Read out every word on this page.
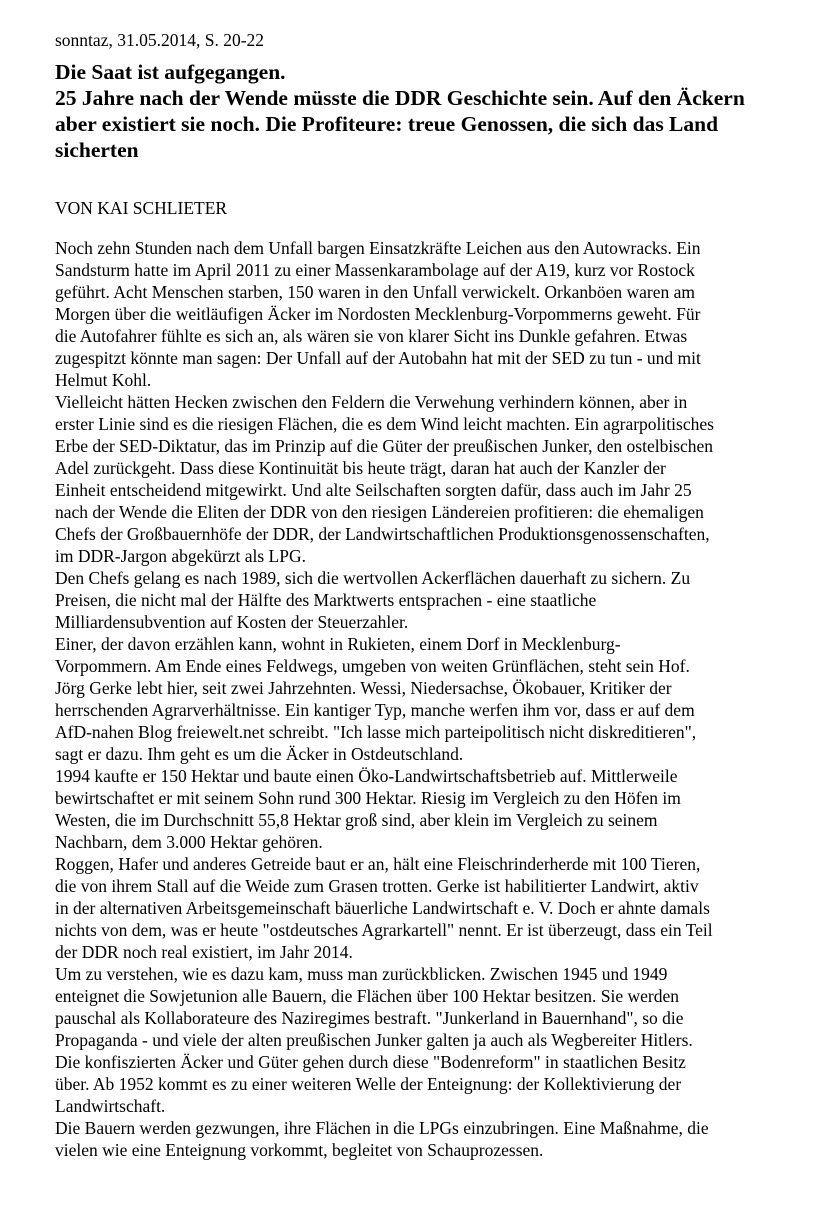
sonntaz, 31.05.2014, S. 20-22
Die Saat ist aufgegangen.
25 Jahre nach der Wende müsste die DDR Geschichte sein. Auf den Äckern
aber existiert sie noch. Die Profiteure: treue Genossen, die sich das Land
sicherten
VON KAI SCHLIETER
Noch zehn Stunden nach dem Unfall bargen Einsatzkräfte Leichen aus den Autowracks. Ein
Sandsturm hatte im April 2011 zu einer Massenkarambolage auf der A19, kurz vor Rostock
geführt. Acht Menschen starben, 150 waren in den Unfall verwickelt. Orkanböen waren am
Morgen über die weitläufigen Äcker im Nordosten Mecklenburg-Vorpommerns geweht. Für
die Autofahrer fühlte es sich an, als wären sie von klarer Sicht ins Dunkle gefahren. Etwas
zugespitzt könnte man sagen: Der Unfall auf der Autobahn hat mit der SED zu tun - und mit
Helmut Kohl.
Vielleicht hätten Hecken zwischen den Feldern die Verwehung verhindern können, aber in
erster Linie sind es die riesigen Flächen, die es dem Wind leicht machten. Ein agrarpolitisches
Erbe der SED-Diktatur, das im Prinzip auf die Güter der preußischen Junker, den ostelbischen
Adel zurückgeht. Dass diese Kontinuität bis heute trägt, daran hat auch der Kanzler der
Einheit entscheidend mitgewirkt. Und alte Seilschaften sorgten dafür, dass auch im Jahr 25
nach der Wende die Eliten der DDR von den riesigen Ländereien profitieren: die ehemaligen
Chefs der Großbauernhöfe der DDR, der Landwirtschaftlichen Produktionsgenossenschaften,
im DDR-Jargon abgekürzt als LPG.
Den Chefs gelang es nach 1989, sich die wertvollen Ackerflächen dauerhaft zu sichern. Zu
Preisen, die nicht mal der Hälfte des Marktwerts entsprachen - eine staatliche
Milliardensubvention auf Kosten der Steuerzahler.
Einer, der davon erzählen kann, wohnt in Rukieten, einem Dorf in Mecklenburg-
Vorpommern. Am Ende eines Feldwegs, umgeben von weiten Grünflächen, steht sein Hof.
Jörg Gerke lebt hier, seit zwei Jahrzehnten. Wessi, Niedersachse, Ökobauer, Kritiker der
herrschenden Agrarverhältnisse. Ein kantiger Typ, manche werfen ihm vor, dass er auf dem
AfD-nahen Blog freiewelt.net schreibt. "Ich lasse mich parteipolitisch nicht diskreditieren",
sagt er dazu. Ihm geht es um die Äcker in Ostdeutschland.
1994 kaufte er 150 Hektar und baute einen Öko-Landwirtschaftsbetrieb auf. Mittlerweile
bewirtschaftet er mit seinem Sohn rund 300 Hektar. Riesig im Vergleich zu den Höfen im
Westen, die im Durchschnitt 55,8 Hektar groß sind, aber klein im Vergleich zu seinem
Nachbarn, dem 3.000 Hektar gehören.
Roggen, Hafer und anderes Getreide baut er an, hält eine Fleischrinderherde mit 100 Tieren,
die von ihrem Stall auf die Weide zum Grasen trotten. Gerke ist habilitierter Landwirt, aktiv
in der alternativen Arbeitsgemeinschaft bäuerliche Landwirtschaft e. V. Doch er ahnte damals
nichts von dem, was er heute "ostdeutsches Agrarkartell" nennt. Er ist überzeugt, dass ein Teil
der DDR noch real existiert, im Jahr 2014.
Um zu verstehen, wie es dazu kam, muss man zurückblicken. Zwischen 1945 und 1949
enteignet die Sowjetunion alle Bauern, die Flächen über 100 Hektar besitzen. Sie werden
pauschal als Kollaborateure des Naziregimes bestraft. "Junkerland in Bauernhand", so die
Propaganda - und viele der alten preußischen Junker galten ja auch als Wegbereiter Hitlers.
Die konfiszierten Äcker und Güter gehen durch diese "Bodenreform" in staatlichen Besitz
über. Ab 1952 kommt es zu einer weiteren Welle der Enteignung: der Kollektivierung der
Landwirtschaft.
Die Bauern werden gezwungen, ihre Flächen in die LPGs einzubringen. Eine Maßnahme, die
vielen wie eine Enteignung vorkommt, begleitet von Schauprozessen.
